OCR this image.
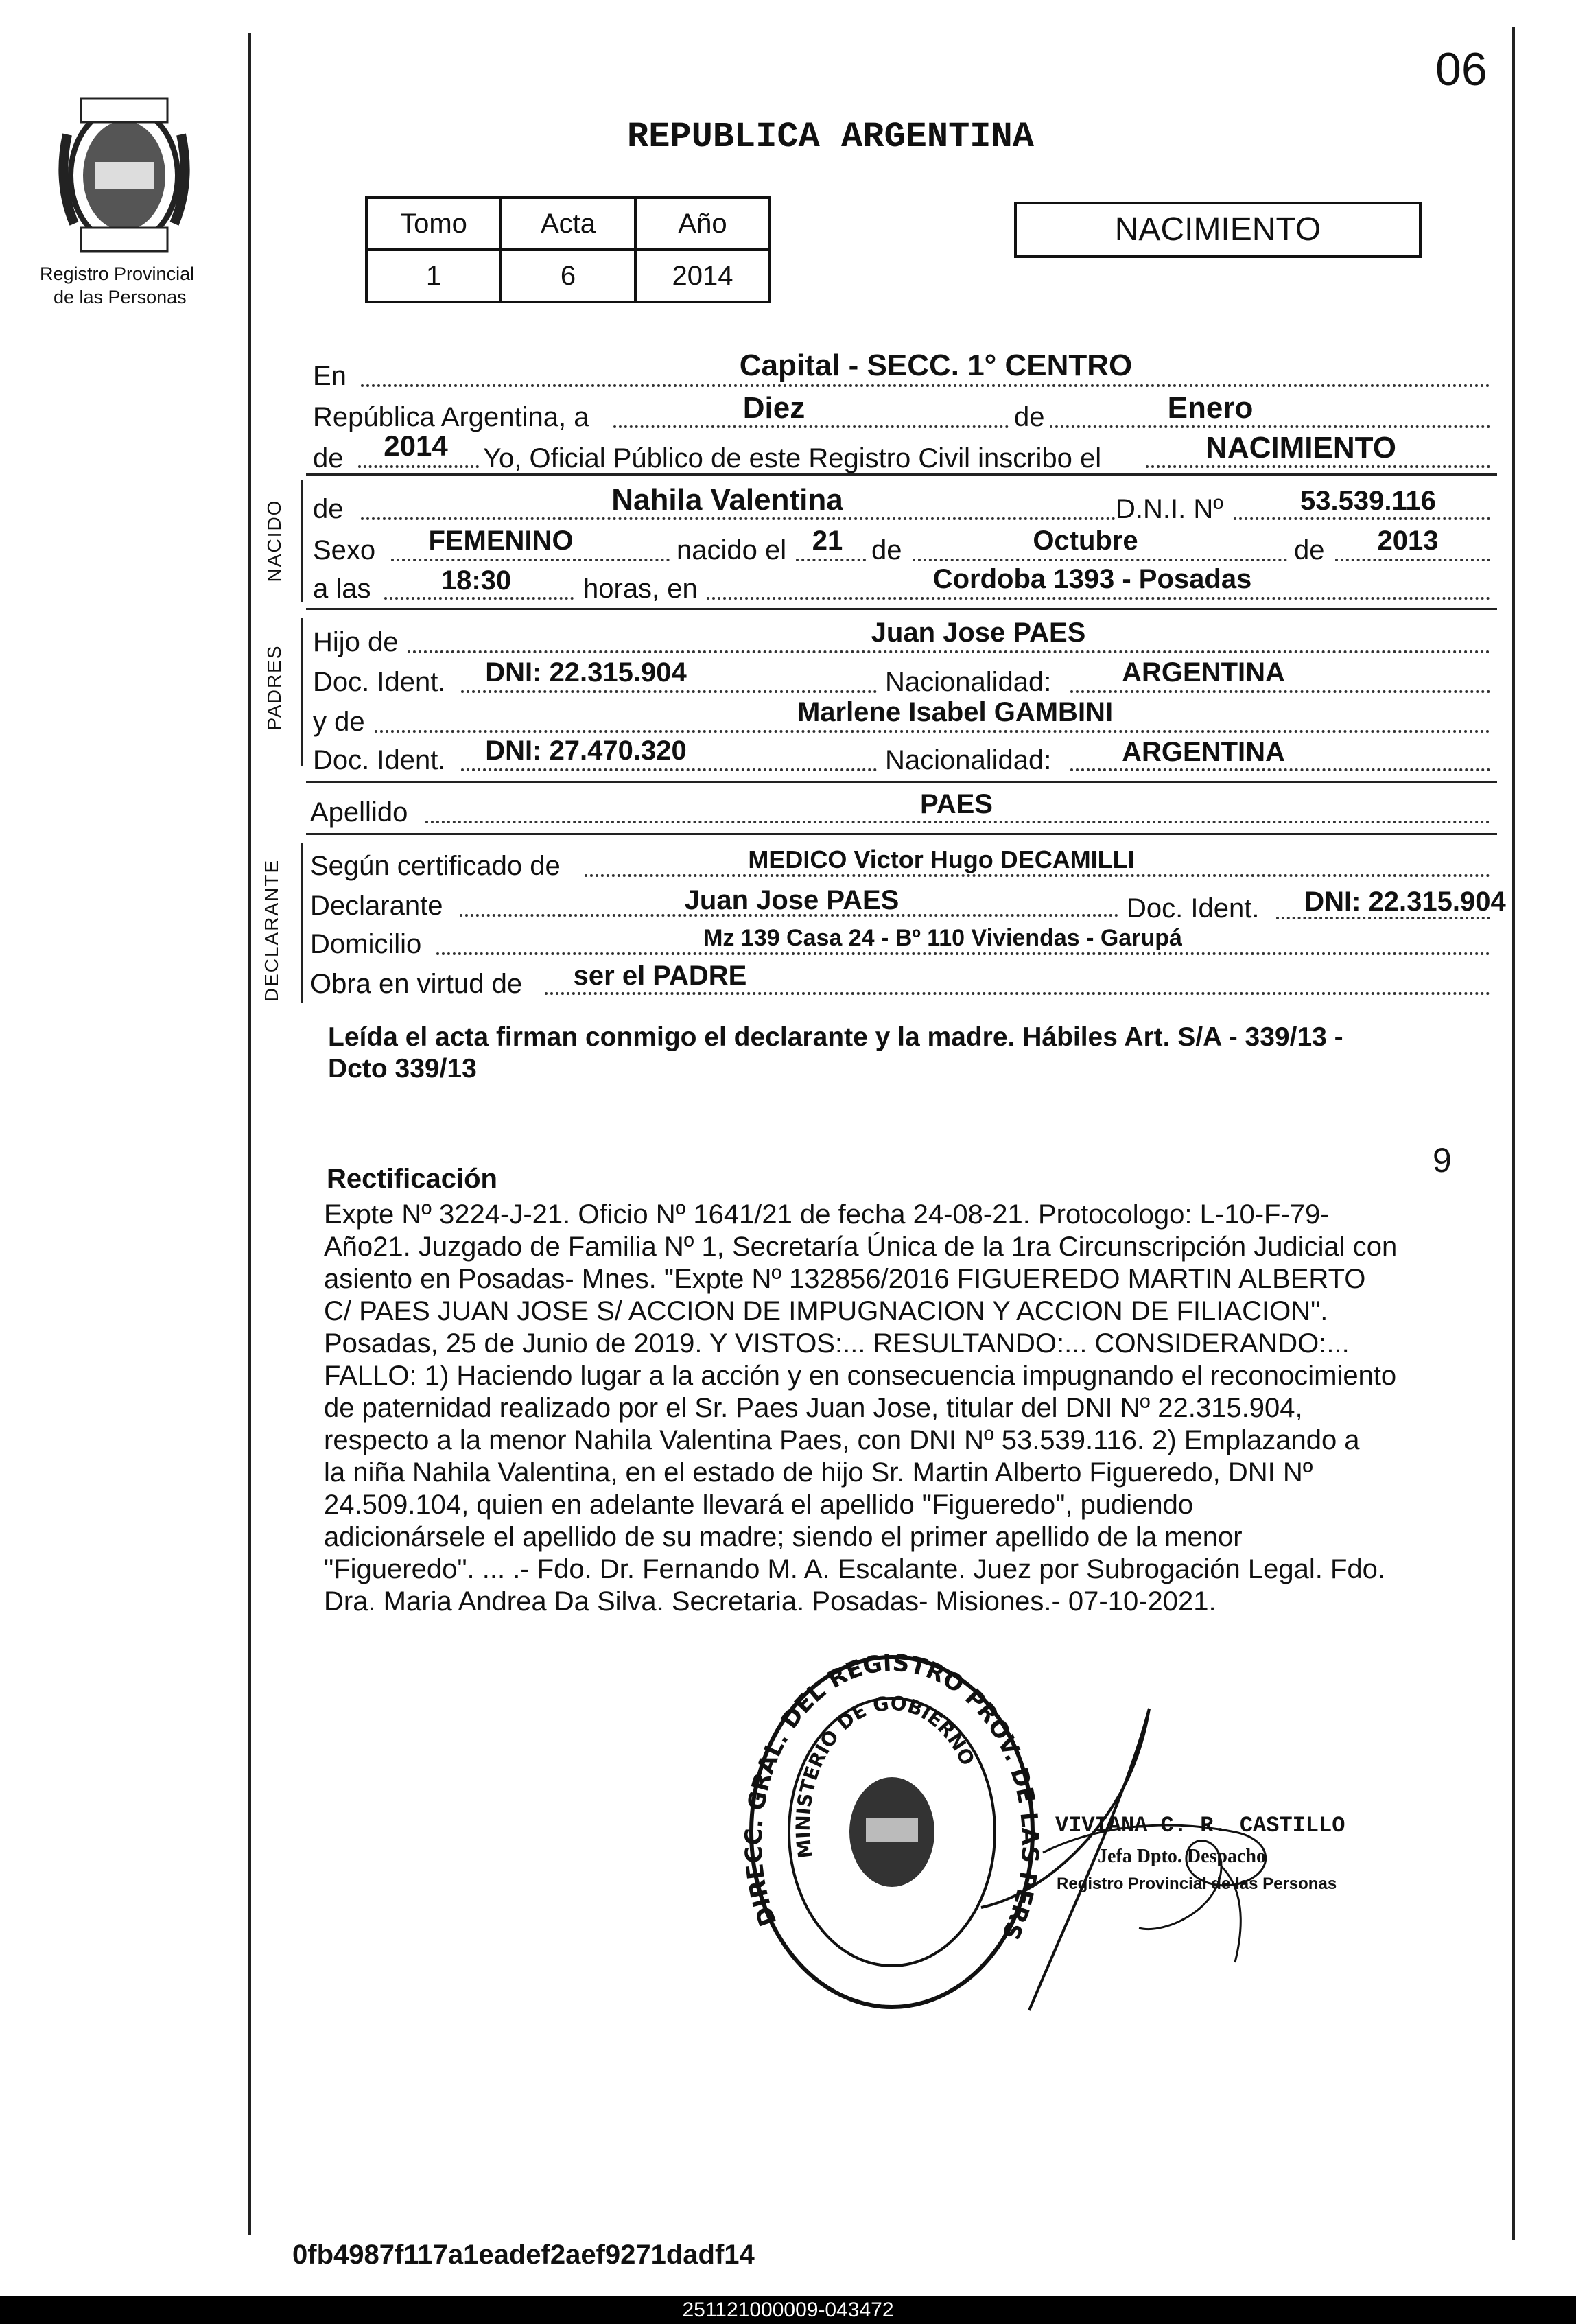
06
Registro Provincial
de las Personas
REPUBLICA ARGENTINA
Tomo	Acta	Año
1	6	2014
NACIMIENTO
En	Capital - SECC. 1° CENTRO
República Argentina, a	Diez	de	Enero
de 2014 Yo, Oficial Público de este Registro Civil inscribo el	NACIMIENTO
NACIDO de	Nahila Valentina	D.N.I. Nº	53.539.116
Sexo FEMENINO	nacido el 21 de	Octubre	de 2013
a las	18:30	horas, en	Cordoba 1393 - Posadas
PADRES
Hijo de	Juan Jose PAES
Doc. Ident. DNI: 22.315.904	Nacionalidad:	ARGENTINA
y de	Marlene Isabel GAMBINI
Doc. Ident. DNI: 27.470.320	Nacionalidad:	ARGENTINA
Apellido	PAES
DECLARANTE Según certificado de	MEDICO Victor Hugo DECAMILLI
Declarante	Juan Jose PAES	Doc. Ident. DNI: 22.315.904
Domicilio	Mz 139 Casa 24 - Bº 110 Viviendas - Garupá
Obra en virtud de ser el PADRE
Leída el acta firman conmigo el declarante y la madre. Hábiles Art. S/A - 339/13 -
Dcto 339/13
Rectificación	9
Expte Nº 3224-J-21. Oficio Nº 1641/21 de fecha 24-08-21. Protocologo: L-10-F-79-
Año21. Juzgado de Familia Nº 1, Secretaría Única de la 1ra Circunscripción Judicial con
asiento en Posadas- Mnes. "Expte Nº 132856/2016 FIGUEREDO MARTIN ALBERTO
C/ PAES JUAN JOSE S/ ACCION DE IMPUGNACION Y ACCION DE FILIACION".
Posadas, 25 de Junio de 2019. Y VISTOS:... RESULTANDO:... CONSIDERANDO:...
FALLO: 1) Haciendo lugar a la acción y en consecuencia impugnando el reconocimiento
de paternidad realizado por el Sr. Paes Juan Jose, titular del DNI Nº 22.315.904,
respecto a la menor Nahila Valentina Paes, con DNI Nº 53.539.116. 2) Emplazando a
la niña Nahila Valentina, en el estado de hijo Sr. Martin Alberto Figueredo, DNI Nº
24.509.104, quien en adelante llevará el apellido "Figueredo", pudiendo
adicionársele el apellido de su madre; siendo el primer apellido de la menor
"Figueredo". ... .- Fdo. Dr. Fernando M. A. Escalante. Juez por Subrogación Legal. Fdo.
Dra. Maria Andrea Da Silva. Secretaria. Posadas- Misiones.- 07-10-2021.
DIRECC. GRAL. DEL REGISTRO PROV. DE LAS PERS
MINISTERIO DE GOBIERNO
VIVIANA C. R. CASTILLO
Jefa Dpto. Despacho
Registro Provincial de las Personas
0fb4987f117a1eadef2aef9271dadf14
251121000009-043472
